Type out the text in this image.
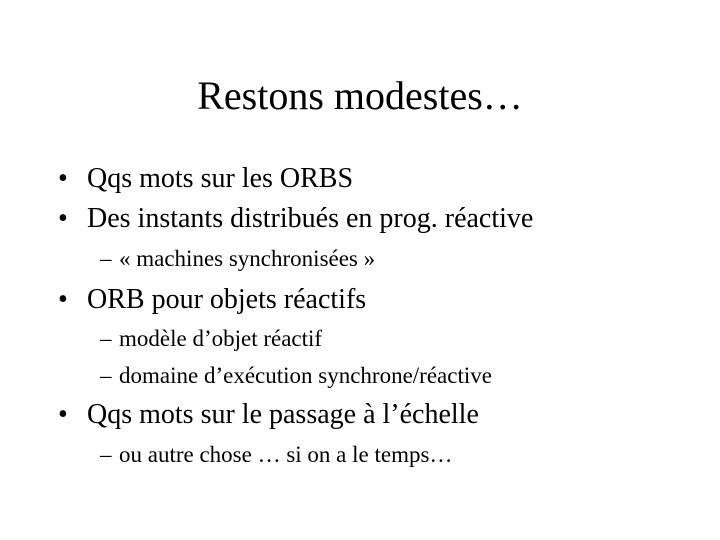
Restons modestes…
• Qqs mots sur les ORBS
• Des instants distribués en prog. réactive
– « machines synchronisées »
• ORB pour objets réactifs
– modèle d’objet réactif
– domaine d’exécution synchrone/réactive
• Qqs mots sur le passage à l’échelle
– ou autre chose … si on a le temps…
